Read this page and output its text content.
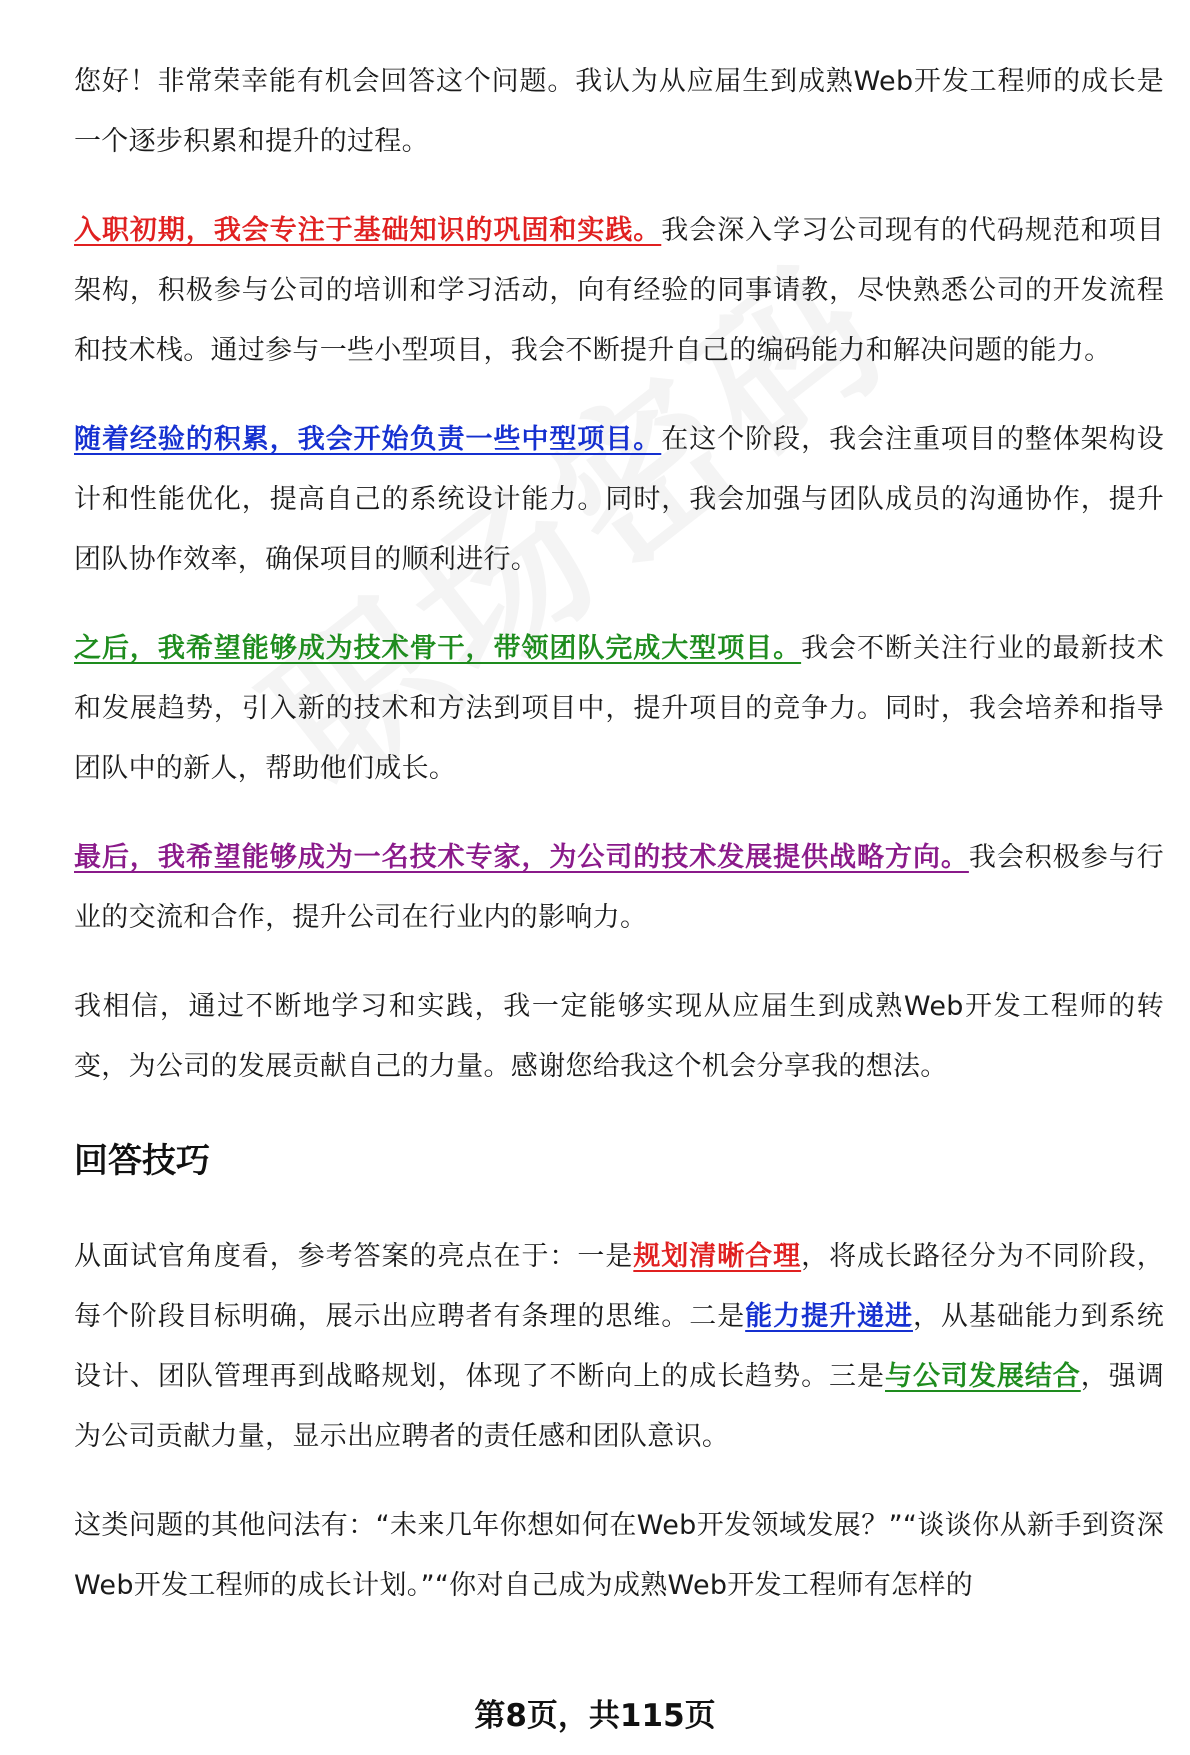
您好！非常荣幸能有机会回答这个问题。我认为从应届生到成熟Web开发工程师的成长是一个逐步积累和提升的过程。

入职初期，我会专注于基础知识的巩固和实践。我会深入学习公司现有的代码规范和项目架构，积极参与公司的培训和学习活动，向有经验的同事请教，尽快熟悉公司的开发流程和技术栈。通过参与一些小型项目，我会不断提升自己的编码能力和解决问题的能力。

随着经验的积累，我会开始负责一些中型项目。在这个阶段，我会注重项目的整体架构设计和性能优化，提高自己的系统设计能力。同时，我会加强与团队成员的沟通协作，提升团队协作效率，确保项目的顺利进行。

之后，我希望能够成为技术骨干，带领团队完成大型项目。我会不断关注行业的最新技术和发展趋势，引入新的技术和方法到项目中，提升项目的竞争力。同时，我会培养和指导团队中的新人，帮助他们成长。

最后，我希望能够成为一名技术专家，为公司的技术发展提供战略方向。我会积极参与行业的交流和合作，提升公司在行业内的影响力。

我相信，通过不断地学习和实践，我一定能够实现从应届生到成熟Web开发工程师的转变，为公司的发展贡献自己的力量。感谢您给我这个机会分享我的想法。

回答技巧

从面试官角度看，参考答案的亮点在于：一是规划清晰合理，将成长路径分为不同阶段，每个阶段目标明确，展示出应聘者有条理的思维。二是能力提升递进，从基础能力到系统设计、团队管理再到战略规划，体现了不断向上的成长趋势。三是与公司发展结合，强调为公司贡献力量，显示出应聘者的责任感和团队意识。

这类问题的其他问法有：“未来几年你想如何在Web开发领域发展？”“谈谈你从新手到资深Web开发工程师的成长计划。”“你对自己成为成熟Web开发工程师有怎样的

第8页，共115页
